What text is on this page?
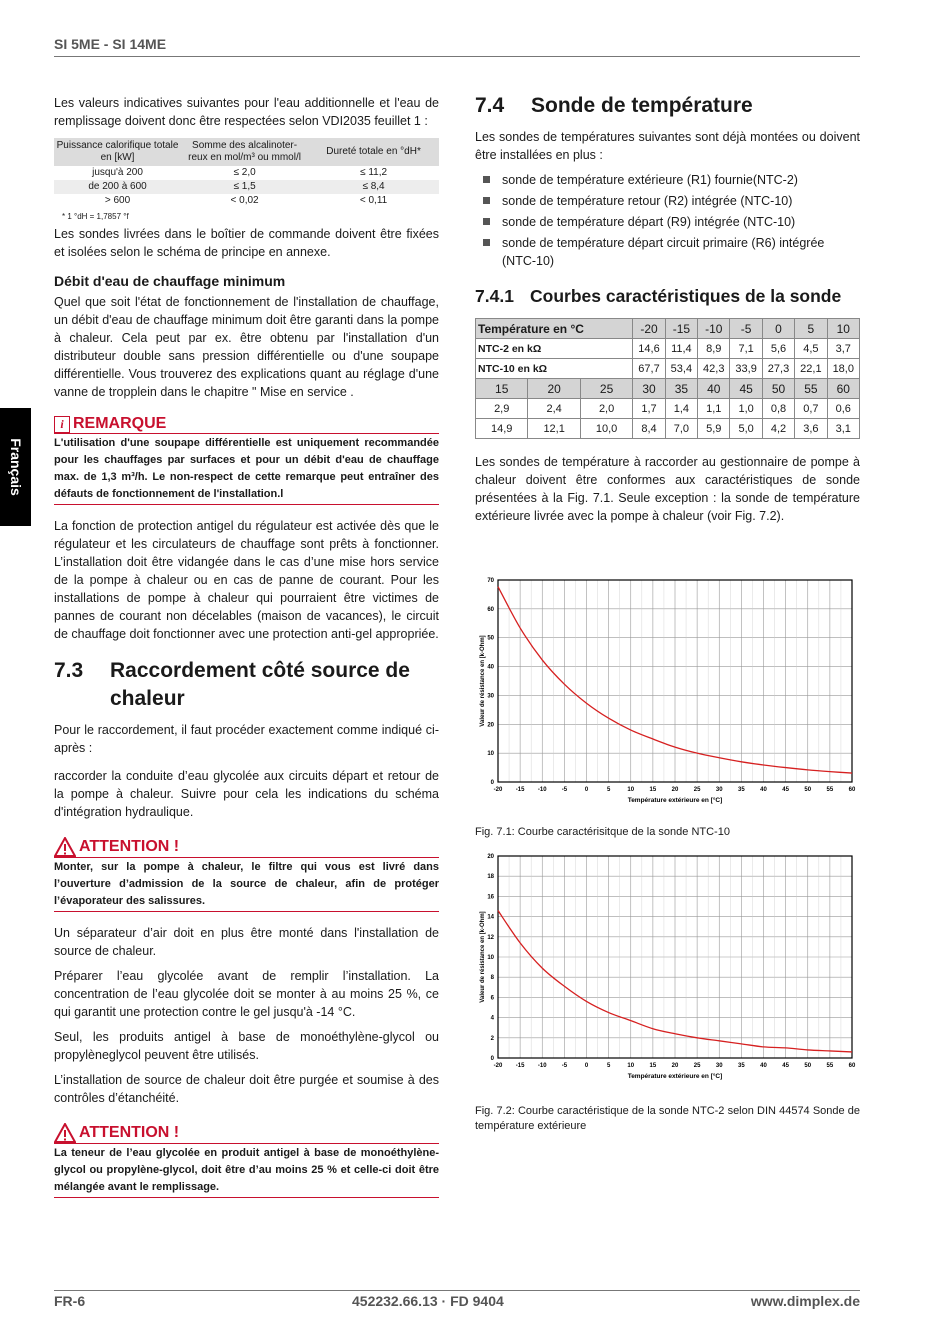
SI 5ME - SI 14ME
Français

Les valeurs indicatives suivantes pour l'eau additionnelle et l'eau de remplissage doivent donc être respectées selon VDI2035 feuillet 1 :

Puissance calorifique totale en [kW]	Somme des alcalinoter-reux en mol/m³ ou mmol/l	Dureté totale en °dH*
jusqu'à 200	≤ 2,0	≤ 11,2
de 200 à 600	≤ 1,5	≤ 8,4
> 600	< 0,02	< 0,11
* 1 °dH = 1,7857 °f

Les sondes livrées dans le boîtier de commande doivent être fixées et isolées selon le schéma de principe en annexe.

Débit d'eau de chauffage minimum

Quel que soit l'état de fonctionnement de l'installation de chauffage, un débit d'eau de chauffage minimum doit être garanti dans la pompe à chaleur. Cela peut par ex. être obtenu par l'installation d'un distributeur double sans pression différentielle ou d'une soupape différentielle. Vous trouverez des explications quant au réglage d'une vanne de tropplein dans le chapitre " Mise en service .

i REMARQUE
L'utilisation d'une soupape différentielle est uniquement recommandée pour les chauffages par surfaces et pour un débit d'eau de chauffage max. de 1,3 m³/h. Le non-respect de cette remarque peut entraîner des défauts de fonctionnement de l'installation.l

La fonction de protection antigel du régulateur est activée dès que le régulateur et les circulateurs de chauffage sont prêts à fonctionner. L’installation doit être vidangée dans le cas d’une mise hors service de la pompe à chaleur ou en cas de panne de courant. Pour les installations de pompe à chaleur qui pourraient être victimes de pannes de courant non décelables (maison de vacances), le circuit de chauffage doit fonctionner avec une protection anti-gel appropriée.

7.3	Raccordement côté source de chaleur

Pour le raccordement, il faut procéder exactement comme indiqué ci-après :

raccorder la conduite d’eau glycolée aux circuits départ et retour de la pompe à chaleur. Suivre pour cela les indications du schéma d'intégration hydraulique.

ATTENTION !
Monter, sur la pompe à chaleur, le filtre qui vous est livré dans l’ouverture d’admission de la source de chaleur, afin de protéger l’évaporateur des salissures.

Un séparateur d’air doit en plus être monté dans l'installation de source de chaleur.

Préparer l’eau glycolée avant de remplir l’installation. La concentration de l’eau glycolée doit se monter à au moins 25 %, ce qui garantit une protection contre le gel jusqu'à -14 °C.

Seul, les produits antigel à base de monoéthylène-glycol ou propylèneglycol peuvent être utilisés.

L’installation de source de chaleur doit être purgée et soumise à des contrôles d’étanchéité.

ATTENTION !
La teneur de l’eau glycolée en produit antigel à base de monoéthylène-glycol ou propylène-glycol, doit être d’au moins 25 % et celle-ci doit être mélangée avant le remplissage.
7.4	Sonde de température

Les sondes de températures suivantes sont déjà montées ou doivent être installées en plus :

sonde de température extérieure (R1) fournie(NTC-2)
sonde de température retour (R2) intégrée (NTC-10)
sonde de température départ (R9) intégrée (NTC-10)
sonde de température départ circuit primaire (R6) intégrée (NTC-10)
7.4.1 Courbes caractéristiques de la sonde
Température en °C			-20	-15	-10	-5	0	5	10
NTC-2 en kΩ			14,6	11,4	8,9	7,1	5,6	4,5	3,7
NTC-10 en kΩ			67,7	53,4	42,3	33,9	27,3	22,1	18,0
15	20	25	30	35	40	45	50	55	60
2,9	2,4	2,0	1,7	1,4	1,1	1,0	0,8	0,7	0,6
14,9	12,1	10,0	8,4	7,0	5,9	5,0	4,2	3,6	3,1

Les sondes de température à raccorder au gestionnaire de pompe à chaleur doivent être conformes aux caractéristiques de sonde présentées à la Fig. 7.1. Seule exception : la sonde de température extérieure livrée avec la pompe à chaleur (voir Fig. 7.2).

-20 -15 -10	-5	0	5	10	15	20	25	30	35	40	45	50	55	60
0
10
20
30
40
50
60
70
Température extérieure en [°C]
Valeur de résistance en [k-Ohm]
Fig. 7.1: Courbe caractérisitque de la sonde NTC-10
-20 -15 -10	-5	0	5	10	15	20	25	30	35	40	45	50	55	60
0
2
4
6
8
10
12
14
16
18
20
Température extérieure en [°C]
Valeur de résistance en [k-Ohm]
Fig. 7.2: Courbe caractéristique de la sonde NTC-2 selon DIN 44574 Sonde de température extérieure
FR-6	452232.66.13 · FD 9404	www.dimplex.de
